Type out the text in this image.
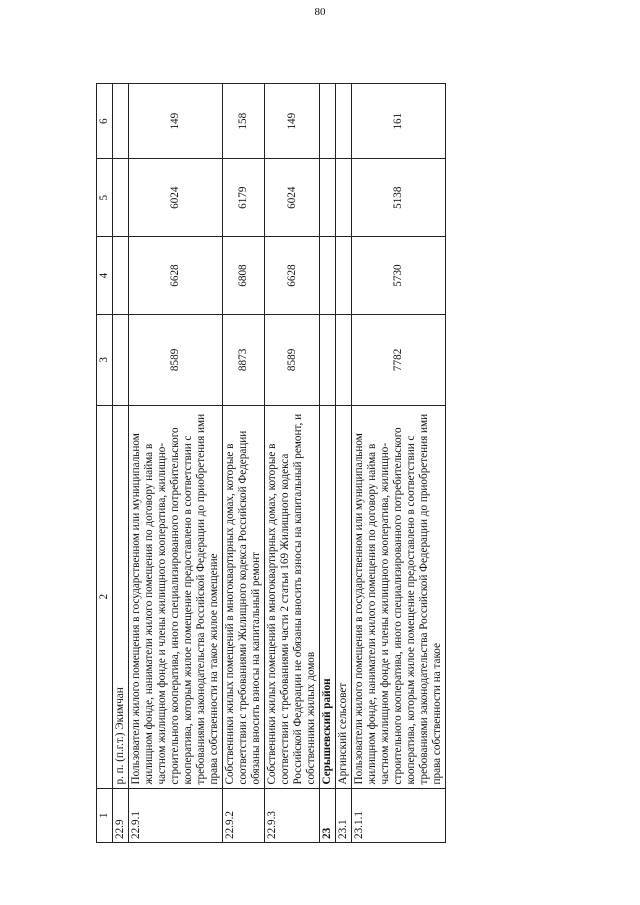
80
1	2	3	4	5	6
22.9	р. п. (п.г.т.) Экимчан				
22.9.1	Пользователи жилого помещения в государственном или муниципальном жилищном фонде, наниматели жилого помещения по договору найма в частном жилищном фонде и члены жилищного кооператива, жилищно-строительного кооператива, иного специализированного потребительского кооператива, которым жилое помещение предоставлено в соответствии с требованиями законодательства Российской Федерации до приобретения ими права собственности на такое жилое помещение	8589	6628	6024	149
22.9.2	Собственники жилых помещений в многоквартирных домах, которые в соответствии с требованиями Жилищного кодекса Российской Федерации обязаны вносить взносы на капитальный ремонт	8873	6808	6179	158
22.9.3	Собственники жилых помещений в многоквартирных домах, которые в соответствии с требованиями части 2 статьи 169 Жилищного кодекса Российской Федерации не обязаны вносить взносы на капитальный ремонт, и собственники жилых домов	8589	6628	6024	149
23	Серышевский район				
23.1	Аргинский сельсовет				
23.1.1	Пользователи жилого помещения в государственном или муниципальном жилищном фонде, наниматели жилого помещения по договору найма в частном жилищном фонде и члены жилищного кооператива, жилищно-строительного кооператива, иного специализированного потребительского кооператива, которым жилое помещение предоставлено в соответствии с требованиями законодательства Российской Федерации до приобретения ими права собственности на такое	7782	5730	5138	161
